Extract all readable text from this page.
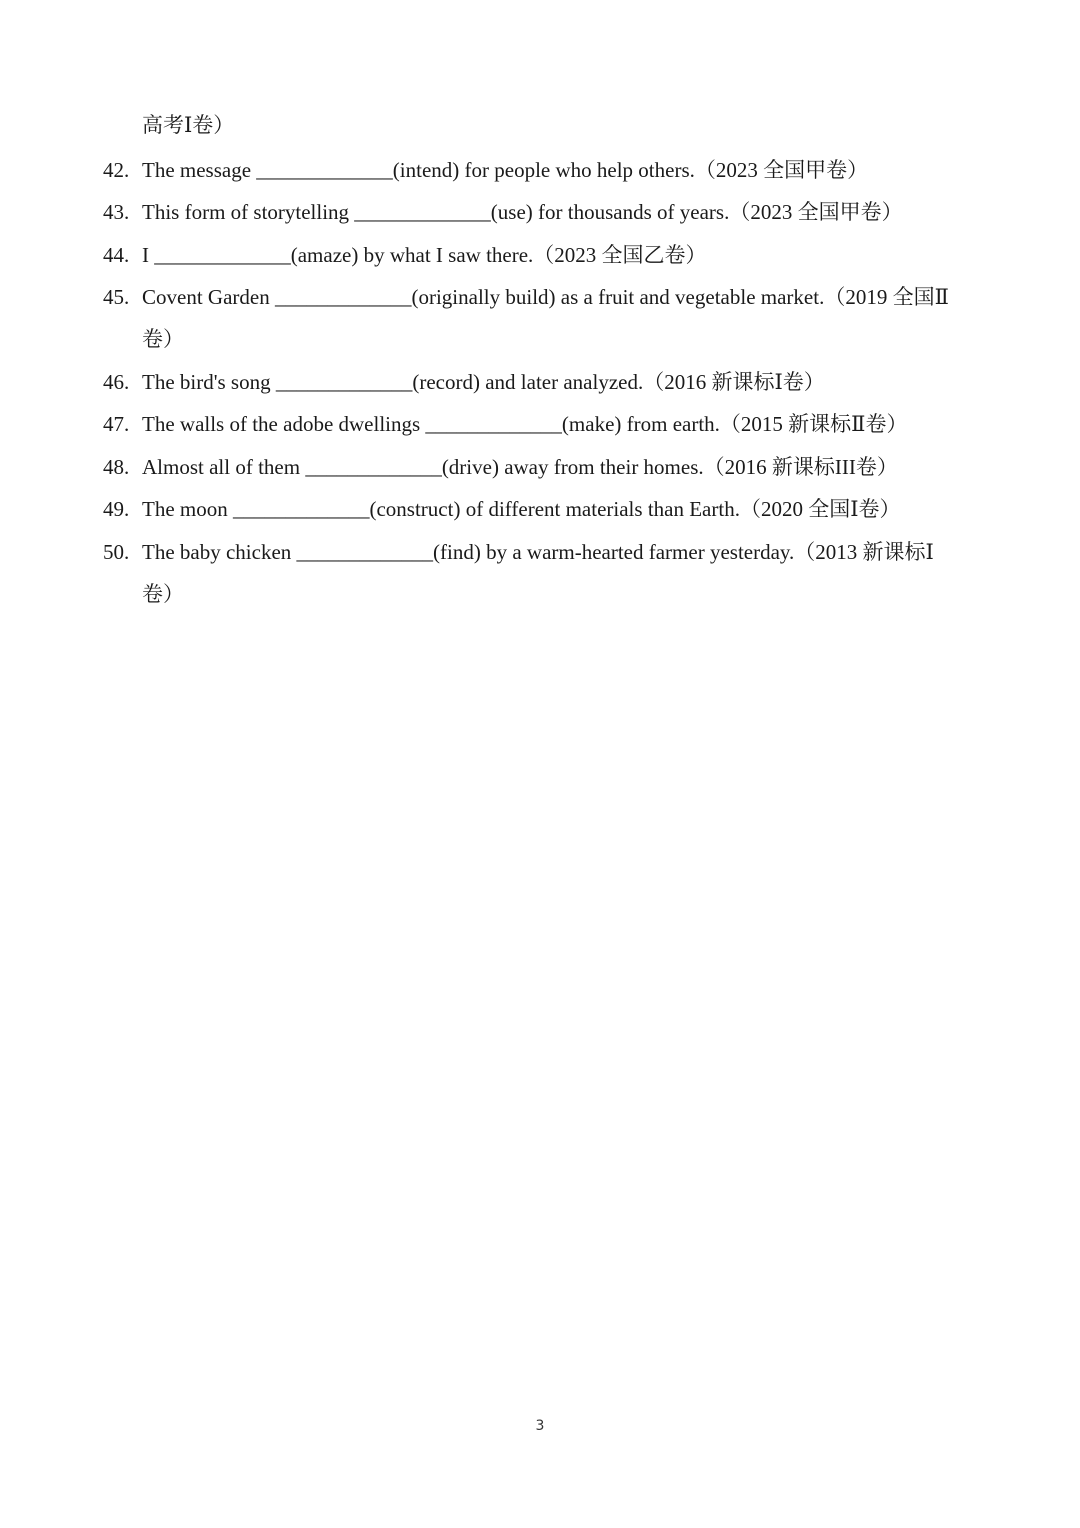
高考Ⅰ卷）
42. The message _____________(intend) for people who help others.（2023 全国甲卷）
43. This form of storytelling _____________(use) for thousands of years.（2023 全国甲卷）
44. I _____________(amaze) by what I saw there.（2023 全国乙卷）
45. Covent Garden _____________(originally build) as a fruit and vegetable market.（2019 全国Ⅱ
卷）
46. The bird's song _____________(record) and later analyzed.（2016 新课标Ⅰ卷）
47. The walls of the adobe dwellings _____________(make) from earth.（2015 新课标Ⅱ卷）
48. Almost all of them _____________(drive) away from their homes.（2016 新课标III卷）
49. The moon _____________(construct) of different materials than Earth.（2020 全国Ⅰ卷）
50. The baby chicken _____________(find) by a warm-hearted farmer yesterday.（2013 新课标Ⅰ
卷）
3
